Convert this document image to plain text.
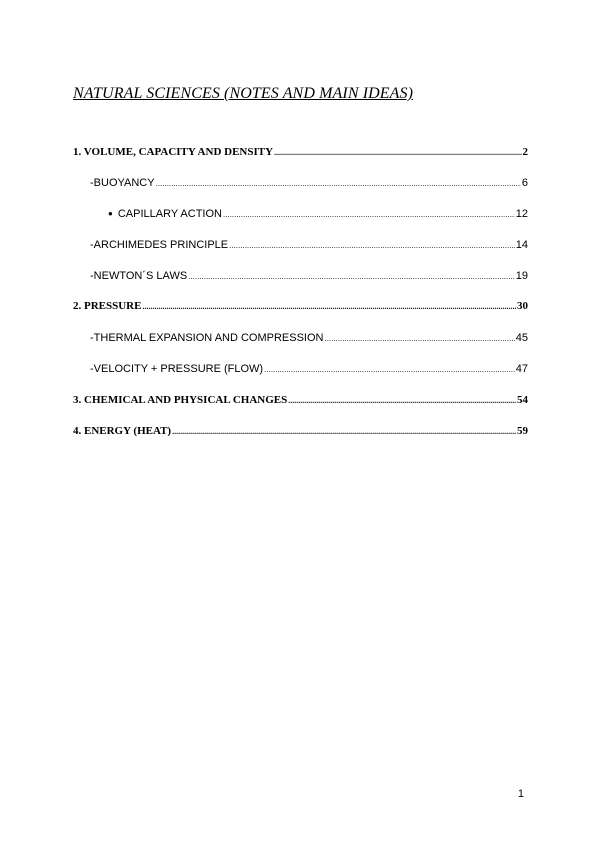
NATURAL SCIENCES (NOTES AND MAIN IDEAS)
1. VOLUME, CAPACITY AND DENSITY .....	2
-BUOYANCY .....	6
● CAPILLARY ACTION .....	12
-ARCHIMEDES PRINCIPLE .....	14
-NEWTON´S LAWS .....	19
2. PRESSURE .....	30
-THERMAL EXPANSION AND COMPRESSION .....	45
-VELOCITY + PRESSURE (FLOW) .....	47
3. CHEMICAL AND PHYSICAL CHANGES .....	54
4. ENERGY (HEAT) .....	59
1
